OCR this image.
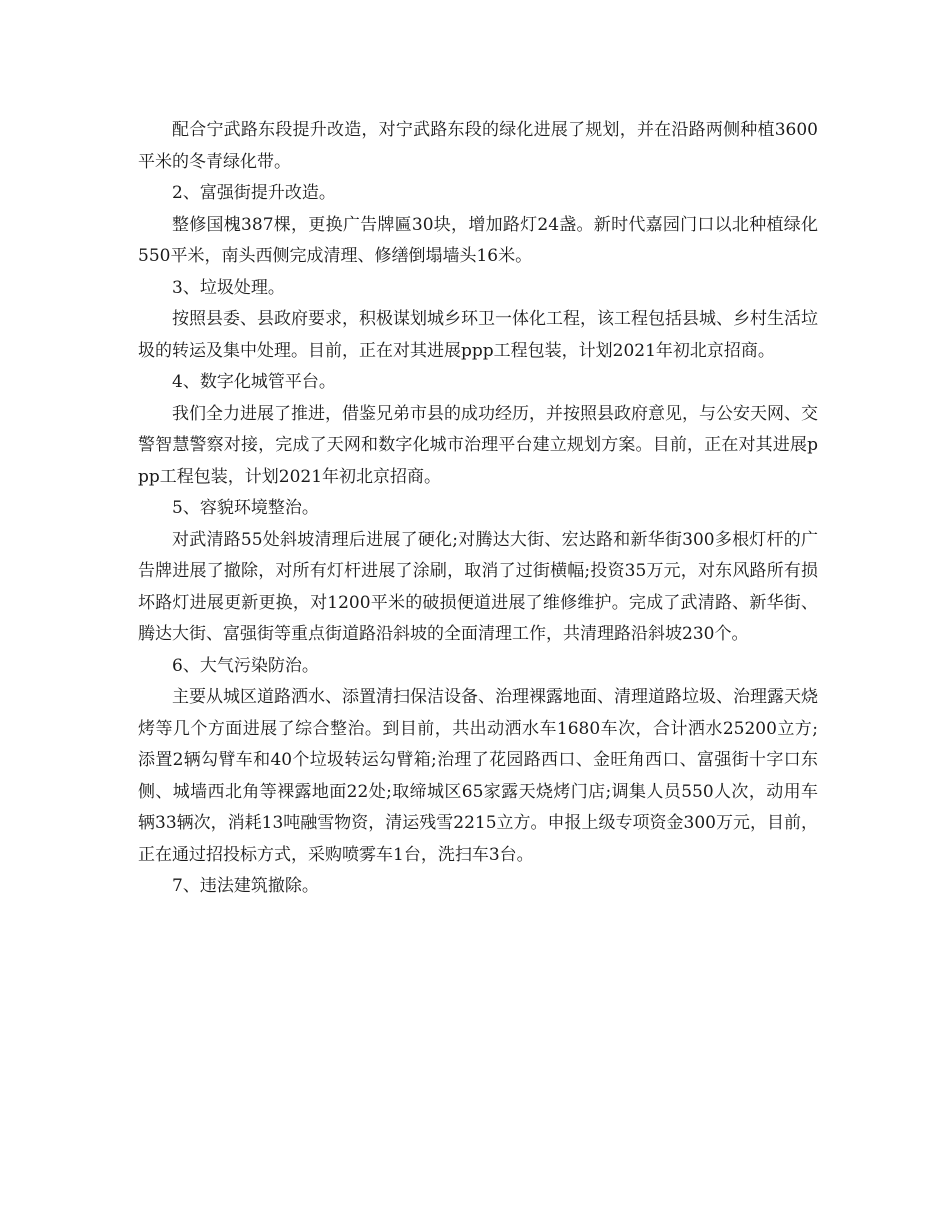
配合宁武路东段提升改造，对宁武路东段的绿化进展了规划，并在沿路两侧种植3600平米的冬青绿化带。

2、富强街提升改造。

整修国槐387棵，更换广告牌匾30块，增加路灯24盏。新时代嘉园门口以北种植绿化550平米，南头西侧完成清理、修缮倒塌墙头16米。

3、垃圾处理。

按照县委、县政府要求，积极谋划城乡环卫一体化工程，该工程包括县城、乡村生活垃圾的转运及集中处理。目前，正在对其进展ppp工程包装，计划2021年初北京招商。

4、数字化城管平台。

我们全力进展了推进，借鉴兄弟市县的成功经历，并按照县政府意见，与公安天网、交警智慧警察对接，完成了天网和数字化城市治理平台建立规划方案。目前，正在对其进展ppp工程包装，计划2021年初北京招商。

5、容貌环境整治。

对武清路55处斜坡清理后进展了硬化;对腾达大街、宏达路和新华街300多根灯杆的广告牌进展了撤除，对所有灯杆进展了涂刷，取消了过街横幅;投资35万元，对东风路所有损坏路灯进展更新更换，对1200平米的破损便道进展了维修维护。完成了武清路、新华街、腾达大街、富强街等重点街道路沿斜坡的全面清理工作，共清理路沿斜坡230个。

6、大气污染防治。

主要从城区道路洒水、添置清扫保洁设备、治理裸露地面、清理道路垃圾、治理露天烧烤等几个方面进展了综合整治。到目前，共出动洒水车1680车次，合计洒水25200立方;添置2辆勾臂车和40个垃圾转运勾臂箱;治理了花园路西口、金旺角西口、富强街十字口东侧、城墙西北角等裸露地面22处;取缔城区65家露天烧烤门店;调集人员550人次，动用车辆33辆次，消耗13吨融雪物资，清运残雪2215立方。申报上级专项资金300万元，目前，正在通过招投标方式，采购喷雾车1台，洗扫车3台。

7、违法建筑撤除。
